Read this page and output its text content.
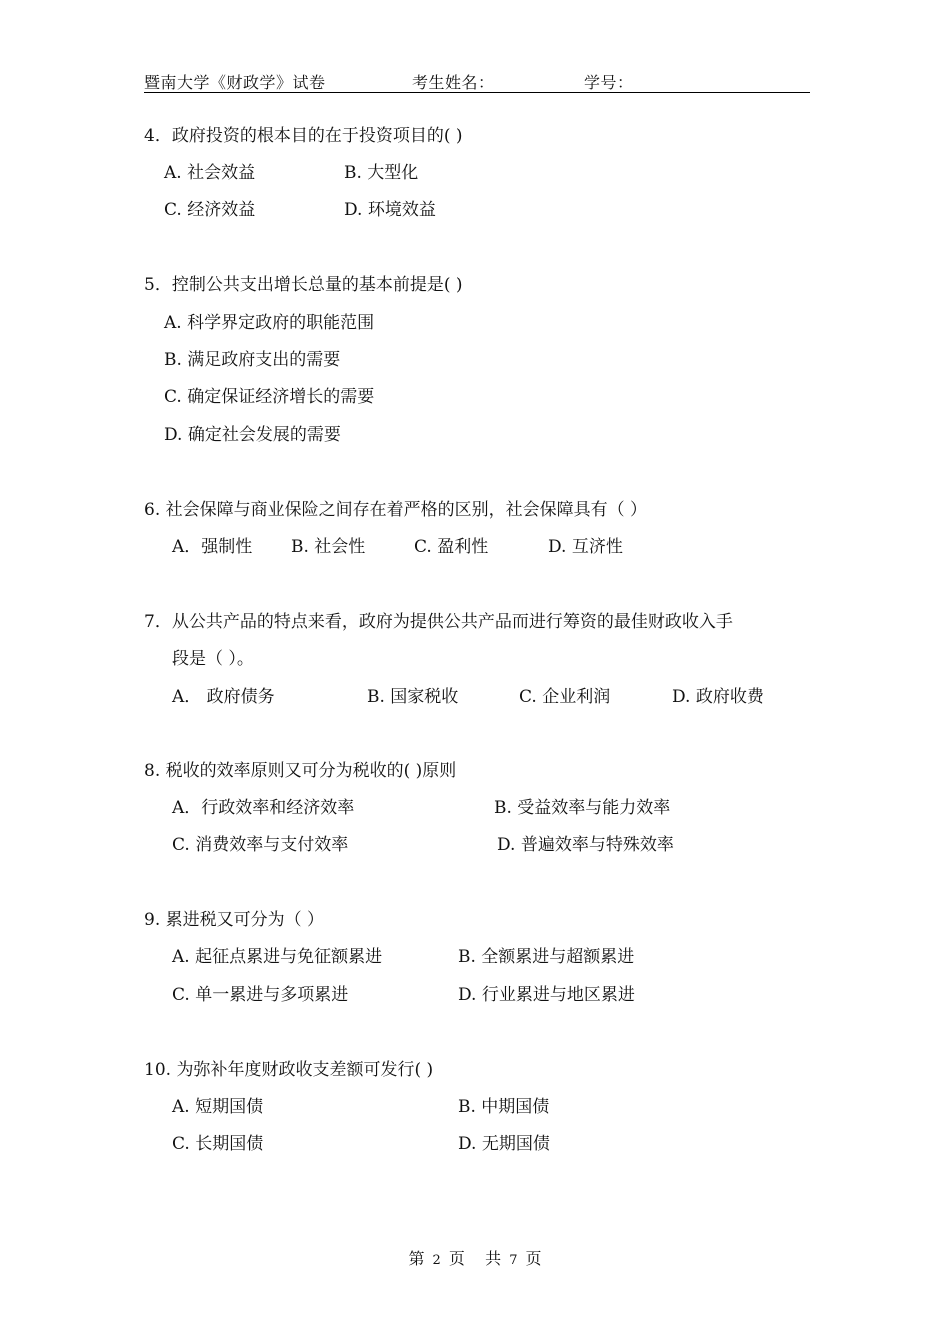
暨南大学《财政学》试卷	考生姓名：	学号：
4．政府投资的根本目的在于投资项目的( )
A. 社会效益	B. 大型化
C. 经济效益	D. 环境效益
5．控制公共支出增长总量的基本前提是( )
A. 科学界定政府的职能范围
B. 满足政府支出的需要
C. 确定保证经济增长的需要
D. 确定社会发展的需要
6. 社会保障与商业保险之间存在着严格的区别，社会保障具有（ ）
A．强制性 B. 社会性	C. 盈利性	D. 互济性
7．从公共产品的特点来看，政府为提供公共产品而进行筹资的最佳财政收入手
段是（ ）。
A． 政府债务	B. 国家税收	C. 企业利润	D. 政府收费
8. 税收的效率原则又可分为税收的( )原则
A．行政效率和经济效率	B. 受益效率与能力效率
C. 消费效率与支付效率	D. 普遍效率与特殊效率
9. 累进税又可分为（ ）
A. 起征点累进与免征额累进	B. 全额累进与超额累进
C. 单一累进与多项累进	D. 行业累进与地区累进
10. 为弥补年度财政收支差额可发行( )
A. 短期国债	B. 中期国债
C. 长期国债	D. 无期国债
第 2 页 共 7 页
